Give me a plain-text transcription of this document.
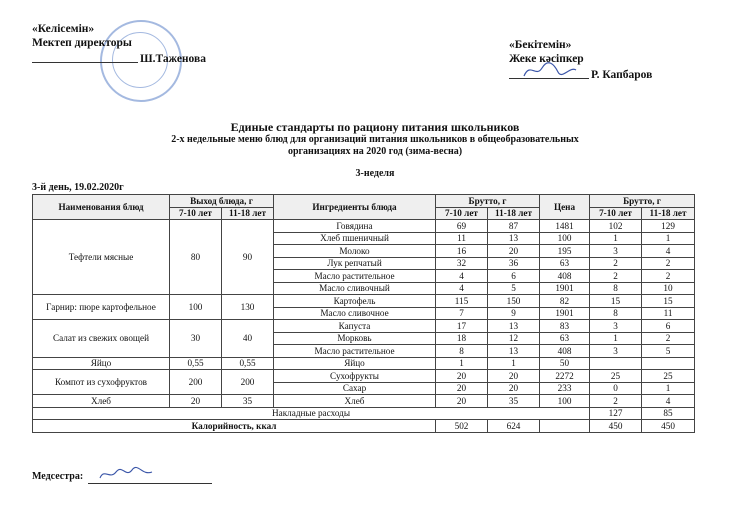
«Келісемін»
Мектеп директоры
Ш.Таженова
«Бекітемін»
Жеке кәсіпкер
Р. Капбаров
Единые стандарты по рациону питания школьников
2-х недельные меню блюд для организаций питания школьников в общеобразовательных
организациях на 2020 год (зима-весна)
3-неделя
3-й день, 19.02.2020г
Наименования блюд	Выход блюда, г		Ингредиенты блюда	Брутто, г		Цена	Брутто, г	
	7-10 лет	11-18 лет		7-10 лет	11-18 лет		7-10 лет	11-18 лет
Тефтели мясные	80	90	Говядина	69	87	1481	102	129
			Хлеб пшеничный	11	13	100	1	1
			Молоко	16	20	195	3	4
			Лук репчатый	32	36	63	2	2
			Масло растительное	4	6	408	2	2
			Масло сливочный	4	5	1901	8	10
Гарнир: пюре картофельное	100	130	Картофель	115	150	82	15	15
			Масло сливочное	7	9	1901	8	11
Салат из свежих овощей	30	40	Капуста	17	13	83	3	6
			Морковь	18	12	63	1	2
			Масло растительное	8	13	408	3	5
Яйцо	0,55	0,55	Яйцо	1	1	50		
Компот из сухофруктов	200	200	Сухофрукты	20	20	2272	25	25
			Сахар	20	20	233	0	1
Хлеб	20	35	Хлеб	20	35	100	2	4
Накладные расходы							127	85
Калорийность, ккал				502	624		450	450
Медсестра:
